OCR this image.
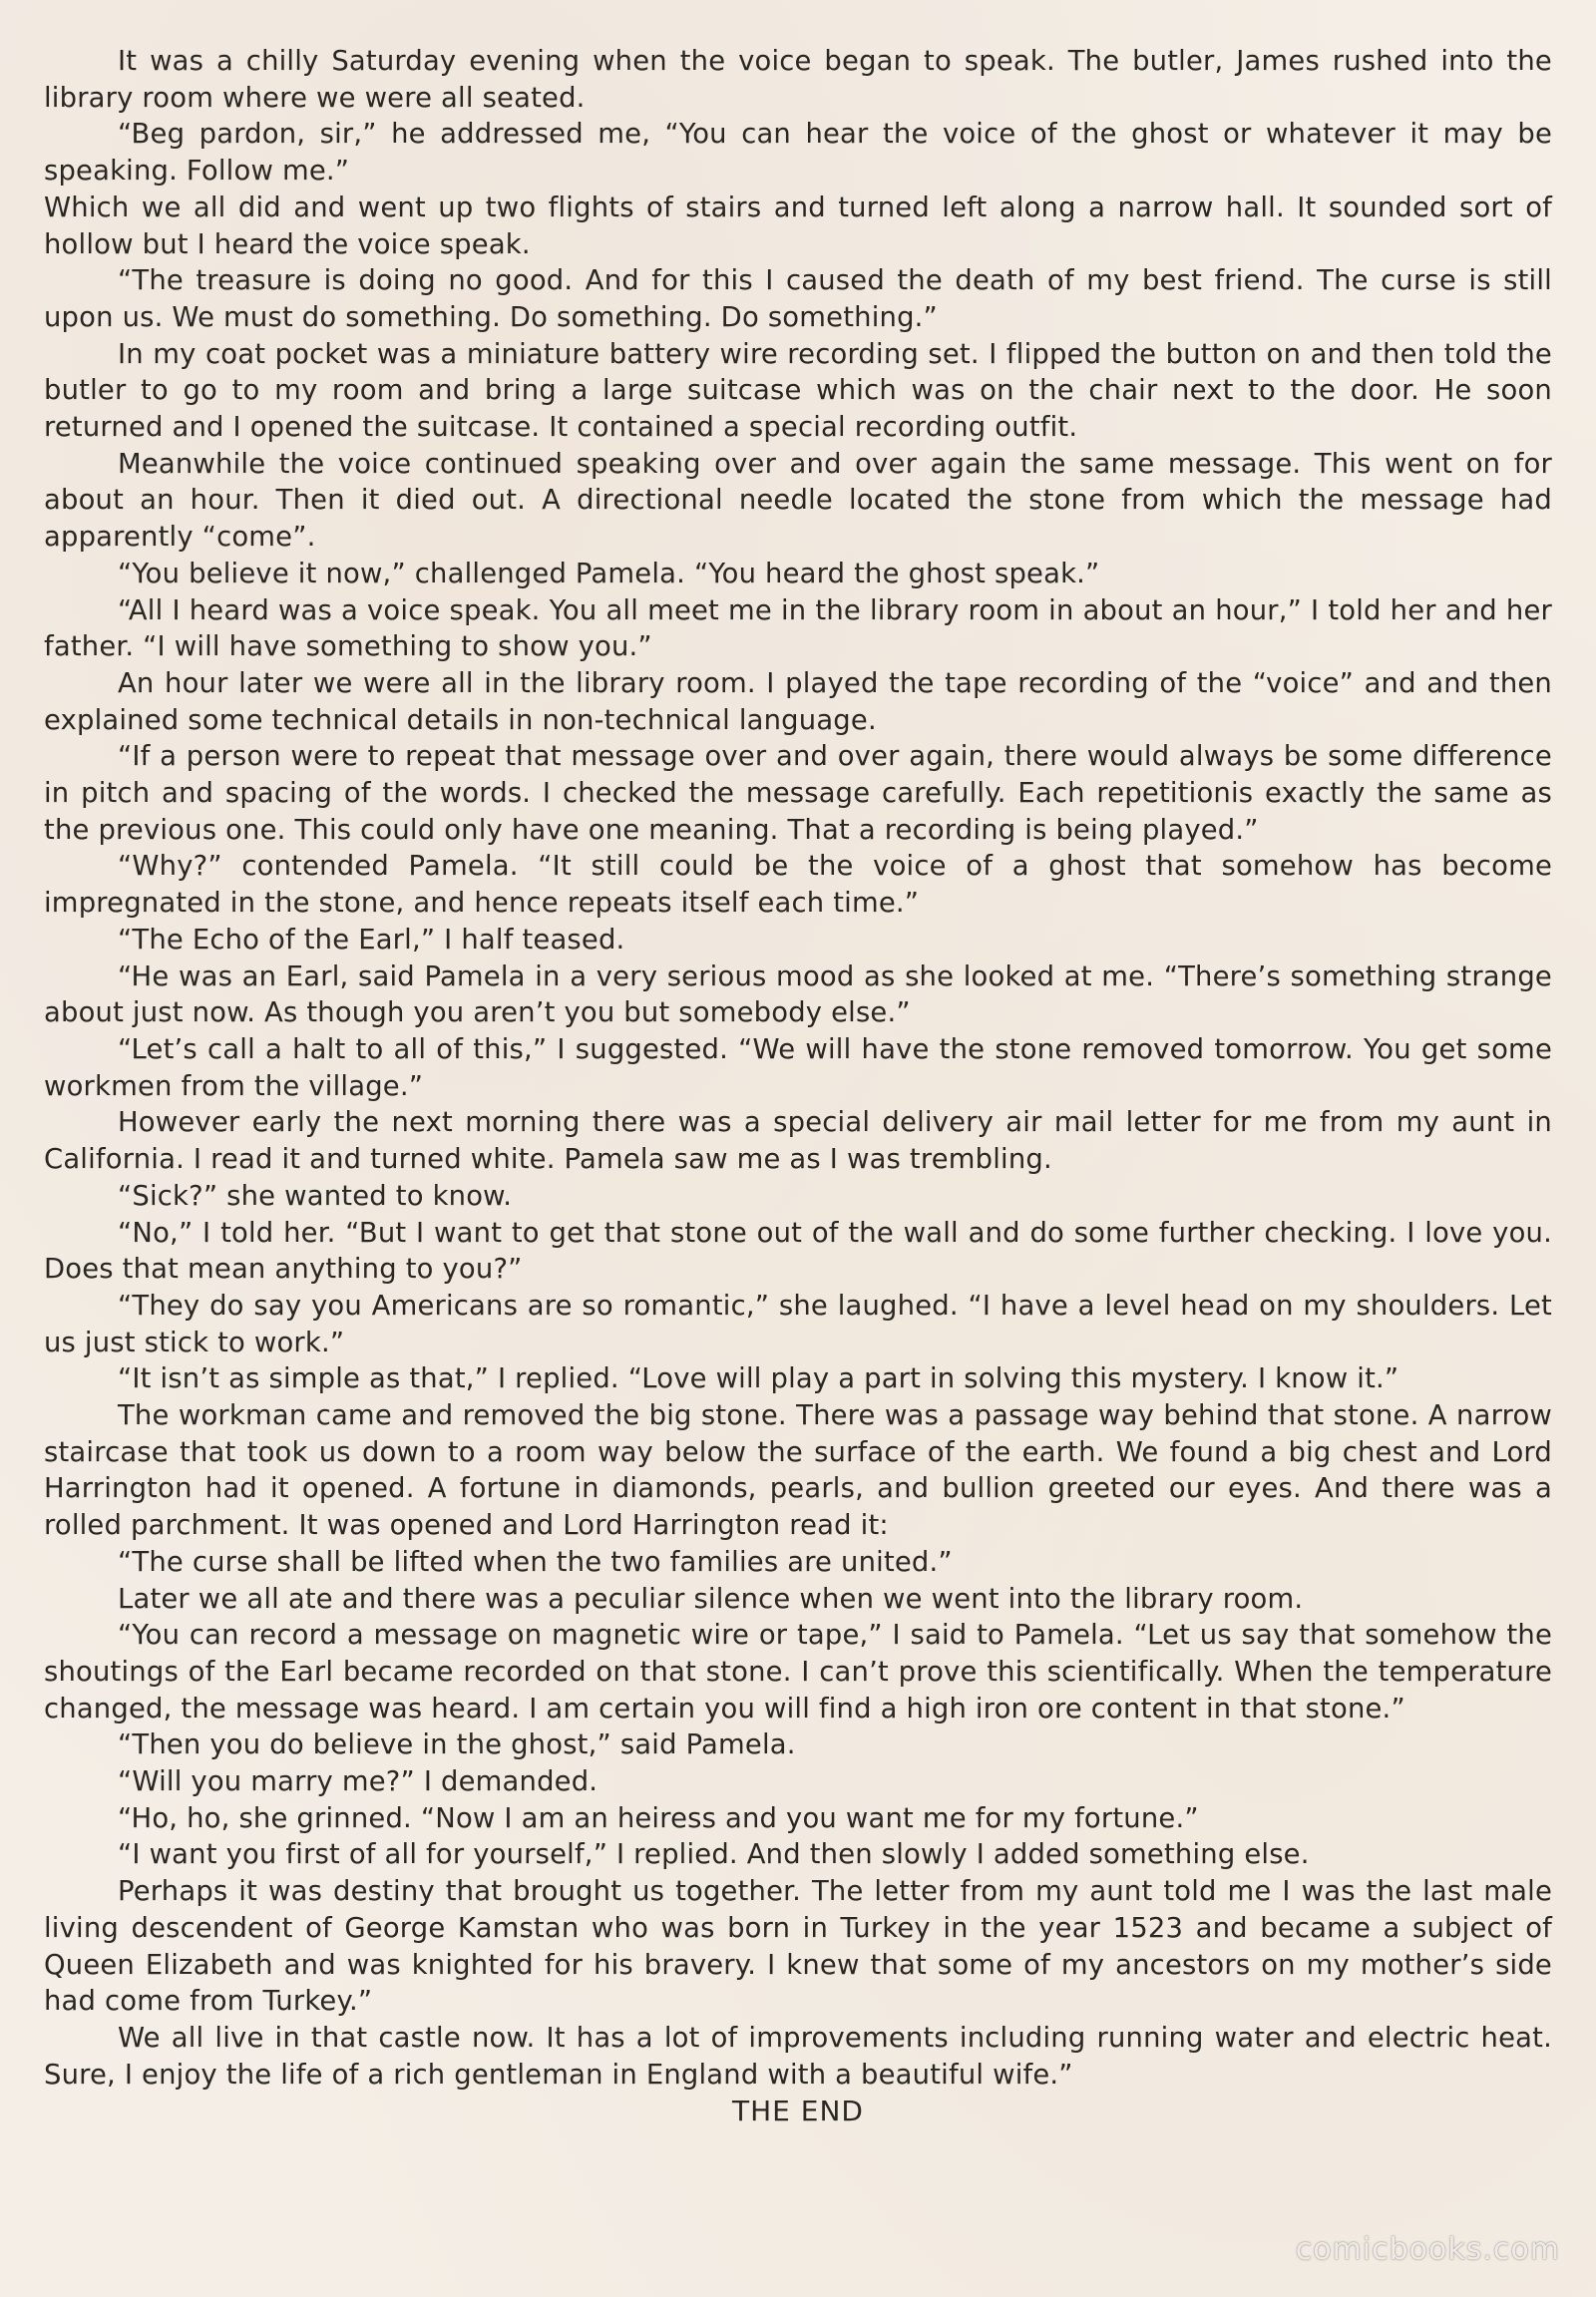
It was a chilly Saturday evening when the voice began to speak. The butler, James rushed into the library room where we were all seated.

“Beg pardon, sir,” he addressed me, “You can hear the voice of the ghost or whatever it may be speaking. Follow me.”

Which we all did and went up two flights of stairs and turned left along a narrow hall. It sounded sort of hollow but I heard the voice speak.

“The treasure is doing no good. And for this I caused the death of my best friend. The curse is still upon us. We must do something. Do something. Do something.”

In my coat pocket was a miniature battery wire recording set. I flipped the button on and then told the butler to go to my room and bring a large suitcase which was on the chair next to the door. He soon returned and I opened the suitcase. It contained a special recording outfit.

Meanwhile the voice continued speaking over and over again the same message. This went on for about an hour. Then it died out. A directional needle located the stone from which the message had apparently “come”.

“You believe it now,” challenged Pamela. “You heard the ghost speak.”

“All I heard was a voice speak. You all meet me in the library room in about an hour,” I told her and her father. “I will have something to show you.”

An hour later we were all in the library room. I played the tape recording of the “voice” and and then explained some technical details in non-technical language.

“If a person were to repeat that message over and over again, there would always be some difference in pitch and spacing of the words. I checked the message carefully. Each repetitionis exactly the same as the previous one. This could only have one meaning. That a recording is being played.”

“Why?” contended Pamela. “It still could be the voice of a ghost that somehow has become impregnated in the stone, and hence repeats itself each time.”

“The Echo of the Earl,” I half teased.

“He was an Earl, said Pamela in a very serious mood as she looked at me. “There’s something strange about just now. As though you aren’t you but somebody else.”

“Let’s call a halt to all of this,” I suggested. “We will have the stone removed tomorrow. You get some workmen from the village.”

However early the next morning there was a special delivery air mail letter for me from my aunt in California. I read it and turned white. Pamela saw me as I was trembling.

“Sick?” she wanted to know.

“No,” I told her. “But I want to get that stone out of the wall and do some further checking. I love you. Does that mean anything to you?”

“They do say you Americans are so romantic,” she laughed. “I have a level head on my shoulders. Let us just stick to work.”

“It isn’t as simple as that,” I replied. “Love will play a part in solving this mystery. I know it.”

The workman came and removed the big stone. There was a passage way behind that stone. A narrow staircase that took us down to a room way below the surface of the earth. We found a big chest and Lord Harrington had it opened. A fortune in diamonds, pearls, and bullion greeted our eyes. And there was a rolled parchment. It was opened and Lord Harrington read it:

“The curse shall be lifted when the two families are united.”

Later we all ate and there was a peculiar silence when we went into the library room.

“You can record a message on magnetic wire or tape,” I said to Pamela. “Let us say that somehow the shoutings of the Earl became recorded on that stone. I can’t prove this scientifically. When the temperature changed, the message was heard. I am certain you will find a high iron ore content in that stone.”

“Then you do believe in the ghost,” said Pamela.

“Will you marry me?” I demanded.

“Ho, ho, she grinned. “Now I am an heiress and you want me for my fortune.”

“I want you first of all for yourself,” I replied. And then slowly I added something else.

Perhaps it was destiny that brought us together. The letter from my aunt told me I was the last male living descendent of George Kamstan who was born in Turkey in the year 1523 and became a subject of Queen Elizabeth and was knighted for his bravery. I knew that some of my ancestors on my mother’s side had come from Turkey.”

We all live in that castle now. It has a lot of improvements including running water and electric heat. Sure, I enjoy the life of a rich gentleman in England with a beautiful wife.”

THE END
comicbooks.com
